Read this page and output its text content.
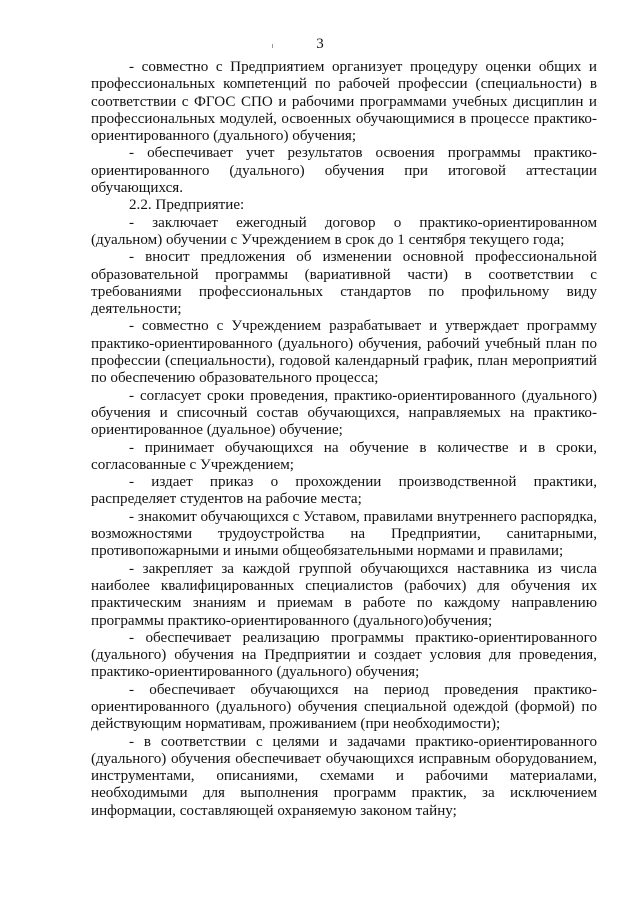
3
- совместно с Предприятием организует процедуру оценки общих и
профессиональных компетенций по рабочей профессии (специальности) в
соответствии с ФГОС СПО и рабочими программами учебных дисциплин и
профессиональных модулей, освоенных обучающимися в процессе практико-
ориентированного (дуального) обучения;
- обеспечивает учет результатов освоения программы практико-
ориентированного (дуального) обучения при итоговой аттестации
обучающихся.
2.2. Предприятие:
- заключает ежегодный договор о практико-ориентированном
(дуальном) обучении с Учреждением в срок до 1 сентября текущего года;
- вносит предложения об изменении основной профессиональной
образовательной программы (вариативной части) в соответствии с
требованиями профессиональных стандартов по профильному виду
деятельности;
- совместно с Учреждением разрабатывает и утверждает программу
практико-ориентированного (дуального) обучения, рабочий учебный план по
профессии (специальности), годовой календарный график, план мероприятий
по обеспечению образовательного процесса;
- согласует сроки проведения, практико-ориентированного (дуального)
обучения и списочный состав обучающихся, направляемых на практико-
ориентированное (дуальное) обучение;
- принимает обучающихся на обучение в количестве и в сроки,
согласованные с Учреждением;
- издает приказ о прохождении производственной практики,
распределяет студентов на рабочие места;
- знакомит обучающихся с Уставом, правилами внутреннего распорядка,
возможностями трудоустройства на Предприятии, санитарными,
противопожарными и иными общеобязательными нормами и правилами;
- закрепляет за каждой группой обучающихся наставника из числа
наиболее квалифицированных специалистов (рабочих) для обучения их
практическим знаниям и приемам в работе по каждому направлению
программы практико-ориентированного (дуального)обучения;
- обеспечивает реализацию программы практико-ориентированного
(дуального) обучения на Предприятии и создает условия для проведения,
практико-ориентированного (дуального) обучения;
- обеспечивает обучающихся на период проведения практико-
ориентированного (дуального) обучения специальной одеждой (формой) по
действующим нормативам, проживанием (при необходимости);
- в соответствии с целями и задачами практико-ориентированного
(дуального) обучения обеспечивает обучающихся исправным оборудованием,
инструментами, описаниями, схемами и рабочими материалами,
необходимыми для выполнения программ практик, за исключением
информации, составляющей охраняемую законом тайну;
